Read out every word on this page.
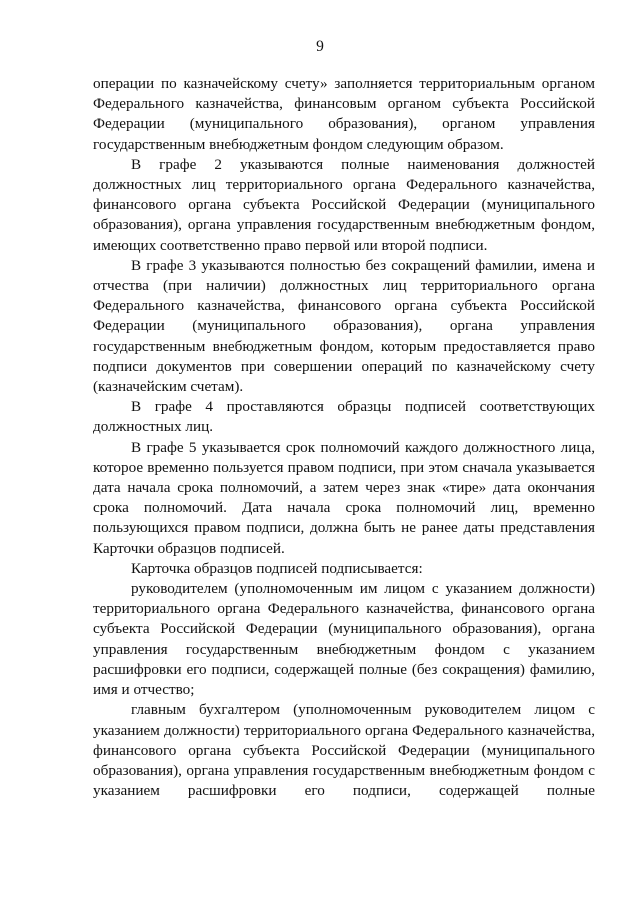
9

операции по казначейскому счету» заполняется территориальным органом Федерального казначейства, финансовым органом субъекта Российской Федерации (муниципального образования), органом управления государственным внебюджетным фондом следующим образом.

В графе 2 указываются полные наименования должностей должностных лиц территориального органа Федерального казначейства, финансового органа субъекта Российской Федерации (муниципального образования), органа управления государственным внебюджетным фондом, имеющих соответственно право первой или второй подписи.

В графе 3 указываются полностью без сокращений фамилии, имена и отчества (при наличии) должностных лиц территориального органа Федерального казначейства, финансового органа субъекта Российской Федерации (муниципального образования), органа управления государственным внебюджетным фондом, которым предоставляется право подписи документов при совершении операций по казначейскому счету (казначейским счетам).

В графе 4 проставляются образцы подписей соответствующих должностных лиц.

В графе 5 указывается срок полномочий каждого должностного лица, которое временно пользуется правом подписи, при этом сначала указывается дата начала срока полномочий, а затем через знак «тире» дата окончания срока полномочий. Дата начала срока полномочий лиц, временно пользующихся правом подписи, должна быть не ранее даты представления Карточки образцов подписей.

Карточка образцов подписей подписывается:

руководителем (уполномоченным им лицом с указанием должности) территориального органа Федерального казначейства, финансового органа субъекта Российской Федерации (муниципального образования), органа управления государственным внебюджетным фондом с указанием расшифровки его подписи, содержащей полные (без сокращения) фамилию, имя и отчество;

главным бухгалтером (уполномоченным руководителем лицом с указанием должности) территориального органа Федерального казначейства, финансового органа субъекта Российской Федерации (муниципального образования), органа управления государственным внебюджетным фондом с указанием расшифровки его подписи, содержащей полные
